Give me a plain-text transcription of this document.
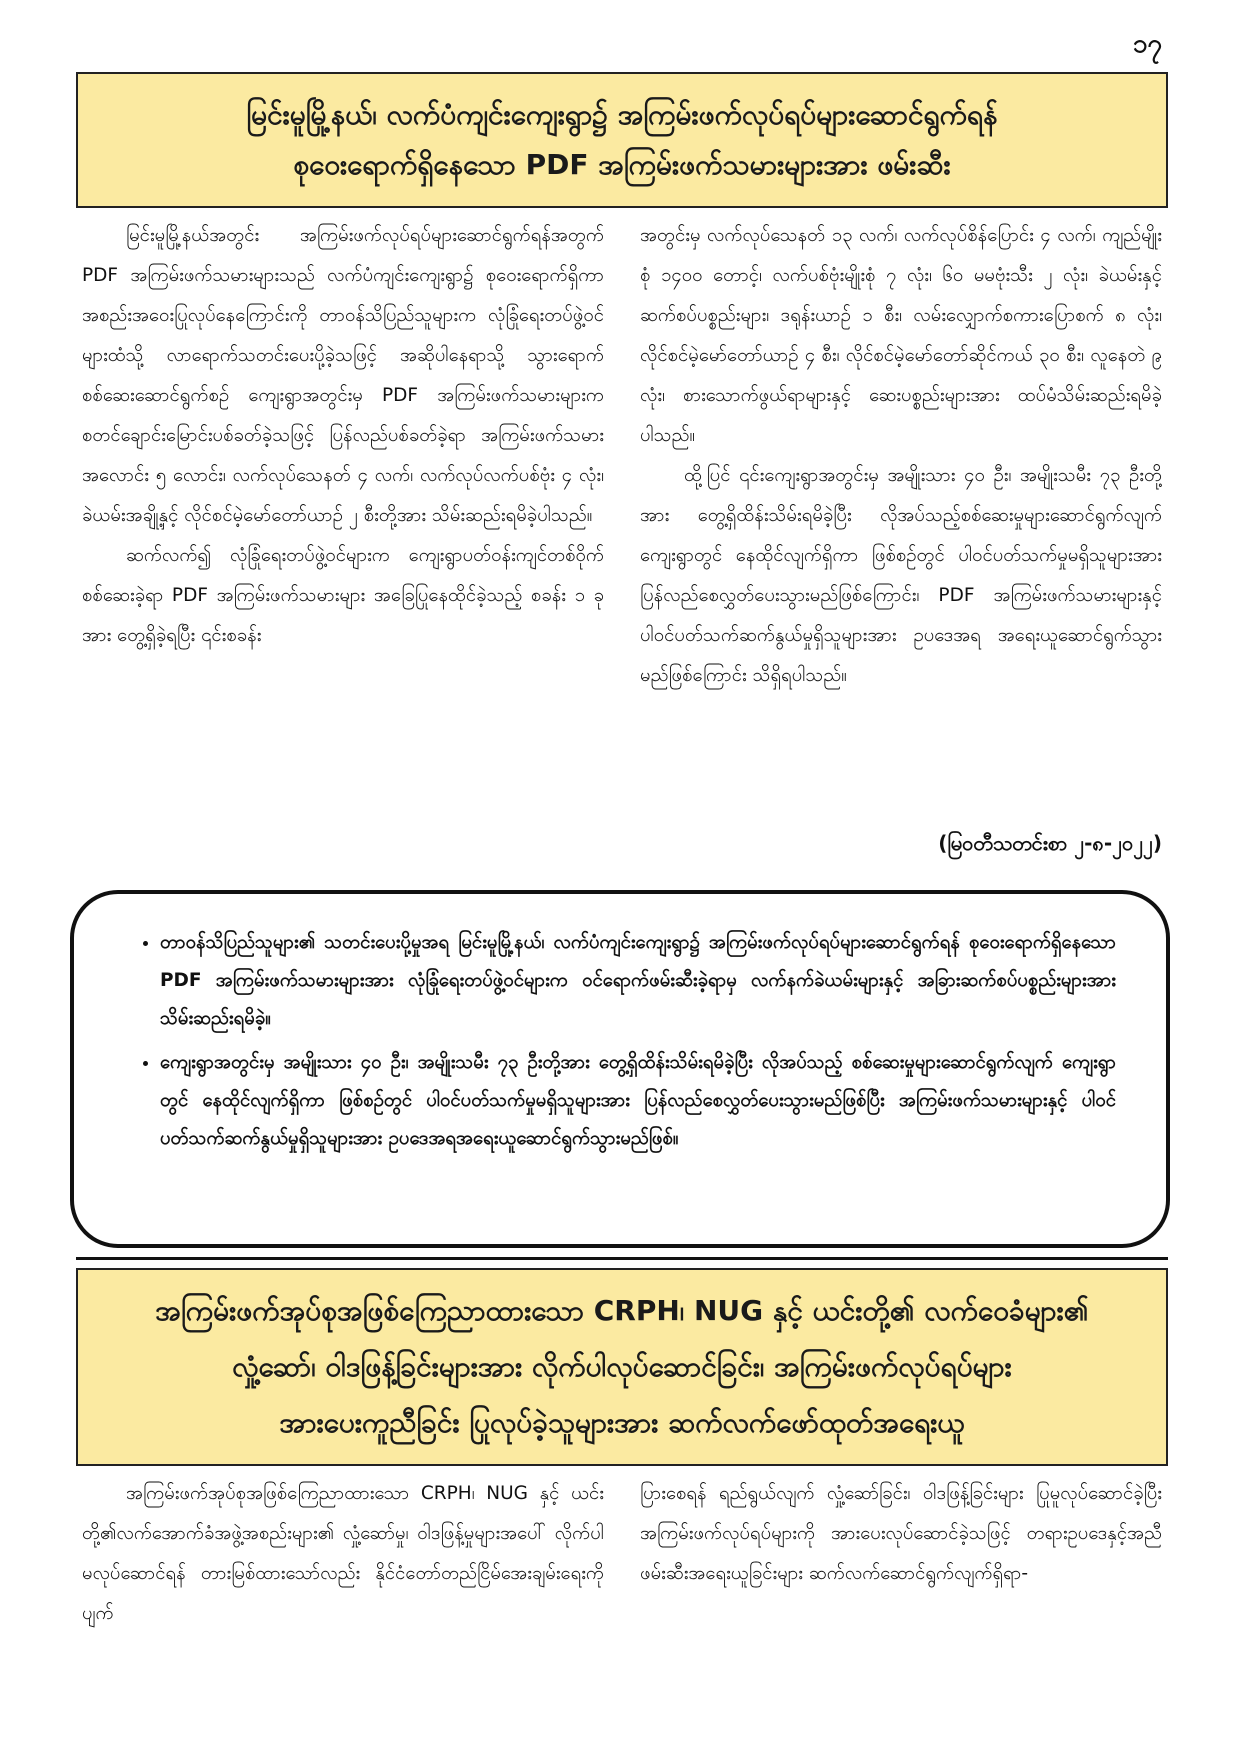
၁၇
မြင်းမူမြို့နယ်၊ လက်ပံကျင်းကျေးရွာ၌ အကြမ်းဖက်လုပ်ရပ်များဆောင်ရွက်ရန်
စုဝေးရောက်ရှိနေသော PDF အကြမ်းဖက်သမားများအား ဖမ်းဆီး

မြင်းမူမြို့နယ်အတွင်း အကြမ်းဖက်လုပ်ရပ်များဆောင်ရွက်ရန်အတွက် PDF အကြမ်းဖက်သမားများသည် လက်ပံကျင်းကျေးရွာ၌ စုဝေးရောက်ရှိကာ အစည်းအဝေးပြုလုပ်နေကြောင်းကို တာဝန်သိပြည်သူများက လုံခြုံရေးတပ်ဖွဲ့ဝင်များထံသို့ လာရောက်သတင်းပေးပို့ခဲ့သဖြင့် အဆိုပါနေရာသို့ သွားရောက်စစ်ဆေးဆောင်ရွက်စဉ် ကျေးရွာအတွင်းမှ PDF အကြမ်းဖက်သမားများက စတင်ချောင်းမြောင်းပစ်ခတ်ခဲ့သဖြင့် ပြန်လည်ပစ်ခတ်ခဲ့ရာ အကြမ်းဖက်သမားအလောင်း ၅ လောင်း၊ လက်လုပ်သေနတ် ၄ လက်၊ လက်လုပ်လက်ပစ်ဗုံး ၄ လုံး၊ ခဲယမ်းအချို့နှင့် လိုင်စင်မဲ့မော်တော်ယာဉ် ၂ စီးတို့အား သိမ်းဆည်းရမိခဲ့ပါသည်။

ဆက်လက်၍ လုံခြုံရေးတပ်ဖွဲ့ဝင်များက ကျေးရွာပတ်ဝန်းကျင်တစ်ဝိုက် စစ်ဆေးခဲ့ရာ PDF အကြမ်းဖက်သမားများ အခြေပြုနေထိုင်ခဲ့သည့် စခန်း ၁ ခုအား တွေ့ရှိခဲ့ရပြီး ၎င်းစခန်း

အတွင်းမှ လက်လုပ်သေနတ် ၁၃ လက်၊ လက်လုပ်စိန်ပြောင်း ၄ လက်၊ ကျည်မျိုးစုံ ၁၄၀၀ တောင့်၊ လက်ပစ်ဗုံးမျိုးစုံ ၇ လုံး၊ ၆၀ မမဗုံးသီး ၂ လုံး၊ ခဲယမ်းနှင့် ဆက်စပ်ပစ္စည်းများ၊ ဒရုန်းယာဉ် ၁ စီး၊ လမ်းလျှောက်စကားပြောစက် ၈ လုံး၊ လိုင်စင်မဲ့မော်တော်ယာဉ် ၄ စီး၊ လိုင်စင်မဲ့မော်တော်ဆိုင်ကယ် ၃၀ စီး၊ လူနေတဲ ၉ လုံး၊ စားသောက်ဖွယ်ရာများနှင့် ဆေးပစ္စည်းများအား ထပ်မံသိမ်းဆည်းရမိခဲ့ပါသည်။

ထို့ပြင် ၎င်းကျေးရွာအတွင်းမှ အမျိုးသား ၄၀ ဦး၊ အမျိုးသမီး ၇၃ ဦးတို့အား တွေ့ရှိထိန်းသိမ်းရမိခဲ့ပြီး လိုအပ်သည့်စစ်ဆေးမှုများဆောင်ရွက်လျက် ကျေးရွာတွင် နေထိုင်လျက်ရှိကာ ဖြစ်စဉ်တွင် ပါဝင်ပတ်သက်မှုမရှိသူများအား ပြန်လည်စေလွှတ်ပေးသွားမည်ဖြစ်ကြောင်း၊ PDF အကြမ်းဖက်သမားများနှင့် ပါဝင်ပတ်သက်ဆက်နွယ်မှုရှိသူများအား ဥပဒေအရ အရေးယူဆောင်ရွက်သွားမည်ဖြစ်ကြောင်း သိရှိရပါသည်။

(မြဝတီသတင်းစာ ၂-၈-၂၀၂၂)
• တာဝန်သိပြည်သူများ၏ သတင်းပေးပို့မှုအရ မြင်းမူမြို့နယ်၊ လက်ပံကျင်းကျေးရွာ၌ အကြမ်းဖက်လုပ်ရပ်များဆောင်ရွက်ရန် စုဝေးရောက်ရှိနေသော PDF အကြမ်းဖက်သမားများအား လုံခြုံရေးတပ်ဖွဲ့ဝင်များက ဝင်ရောက်ဖမ်းဆီးခဲ့ရာမှ လက်နက်ခဲယမ်းများနှင့် အခြားဆက်စပ်ပစ္စည်းများအား သိမ်းဆည်းရမိခဲ့။
• ကျေးရွာအတွင်းမှ အမျိုးသား ၄၀ ဦး၊ အမျိုးသမီး ၇၃ ဦးတို့အား တွေ့ရှိထိန်းသိမ်းရမိခဲ့ပြီး လိုအပ်သည့် စစ်ဆေးမှုများဆောင်ရွက်လျက် ကျေးရွာတွင် နေထိုင်လျက်ရှိကာ ဖြစ်စဉ်တွင် ပါဝင်ပတ်သက်မှုမရှိသူများအား ပြန်လည်စေလွှတ်ပေးသွားမည်ဖြစ်ပြီး အကြမ်းဖက်သမားများနှင့် ပါဝင်ပတ်သက်ဆက်နွယ်မှုရှိသူများအား ဥပဒေအရအရေးယူဆောင်ရွက်သွားမည်ဖြစ်။
အကြမ်းဖက်အုပ်စုအဖြစ်ကြေညာထားသော CRPH၊ NUG နှင့် ယင်းတို့၏ လက်ဝေခံများ၏
လှုံ့ဆော်၊ ဝါဒဖြန့်ခြင်းများအား လိုက်ပါလုပ်ဆောင်ခြင်း၊ အကြမ်းဖက်လုပ်ရပ်များ
အားပေးကူညီခြင်း ပြုလုပ်ခဲ့သူများအား ဆက်လက်ဖော်ထုတ်အရေးယူ

အကြမ်းဖက်အုပ်စုအဖြစ်ကြေညာထားသော CRPH၊ NUG နှင့် ယင်းတို့၏လက်အောက်ခံအဖွဲ့အစည်းများ၏ လှုံ့ဆော်မှု၊ ဝါဒဖြန့်မှုများအပေါ် လိုက်ပါမလုပ်ဆောင်ရန် တားမြစ်ထားသော်လည်း နိုင်ငံတော်တည်ငြိမ်အေးချမ်းရေးကို ပျက်

ပြားစေရန် ရည်ရွယ်လျက် လှုံ့ဆော်ခြင်း၊ ဝါဒဖြန့်ခြင်းများ ပြုမူလုပ်ဆောင်ခဲ့ပြီး အကြမ်းဖက်လုပ်ရပ်များကို အားပေးလုပ်ဆောင်ခဲ့သဖြင့် တရားဥပဒေနှင့်အညီ ဖမ်းဆီးအရေးယူခြင်းများ ဆက်လက်ဆောင်ရွက်လျက်ရှိရာ-
